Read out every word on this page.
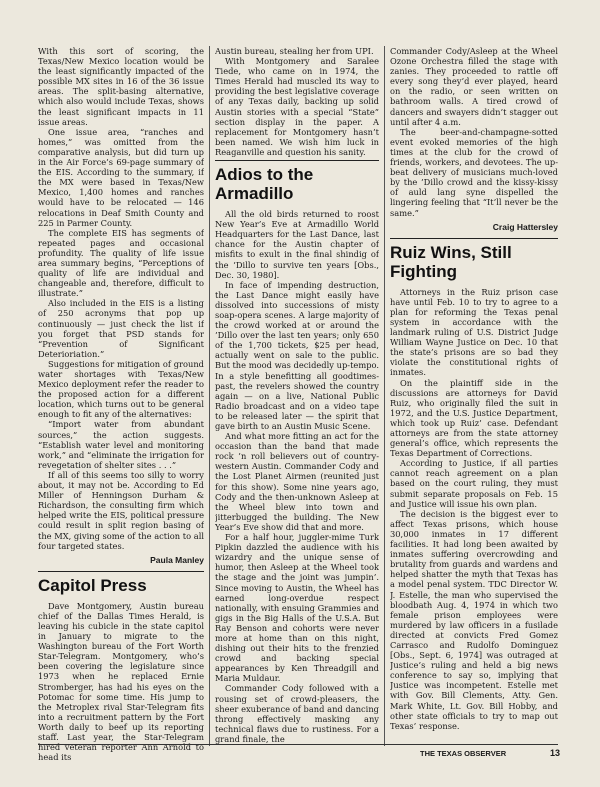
With this sort of scoring, the Texas/New Mexico location would be the least significantly impacted of the possible MX sites in 16 of the 36 issue areas. The split-basing alternative, which also would include Texas, shows the least significant impacts in 11 issue areas.

One issue area, “ranches and homes,” was omitted from the comparative analysis, but did turn up in the Air Force’s 69-page summary of the EIS. According to the summary, if the MX were based in Texas/New Mexico, 1,400 homes and ranches would have to be relocated — 146 relocations in Deaf Smith County and 225 in Parmer County.

The complete EIS has segments of repeated pages and occasional profundity. The quality of life issue area summary begins, “Perceptions of quality of life are individual and changeable and, therefore, difficult to illustrate.”

Also included in the EIS is a listing of 250 acronyms that pop up continuously — just check the list if you forget that PSD stands for “Prevention of Significant Deterioriation.”

Suggestions for mitigation of ground water shortages with Texas/New Mexico deployment refer the reader to the proposed action for a different location, which turns out to be general enough to fit any of the alternatives:

“Import water from abundant sources,” the action suggests. “Establish water level and monitoring work,” and “eliminate the irrigation for revegetation of shelter sites . . .”

If all of this seems too silly to worry about, it may not be. According to Ed Miller of Henningson Durham & Richardson, the consulting firm which helped write the EIS, political pressure could result in split region basing of the MX, giving some of the action to all four targeted states.

Paula Manley
Capitol Press

Dave Montgomery, Austin bureau chief of the Dallas Times Herald, is leaving his cubicle in the state capitol in January to migrate to the Washington bureau of the Fort Worth Star-Telegram. Montgomery, who’s been covering the legislature since 1973 when he replaced Ernie Stromberger, has had his eyes on the Potomac for some time. His jump to the Metroplex rival Star-Telegram fits into a recruitment pattern by the Fort Worth daily to beef up its reporting staff. Last year, the Star-Telegram hired veteran reporter Ann Arnold to head its

Austin bureau, stealing her from UPI.

With Montgomery and Saralee Tiede, who came on in 1974, the Times Herald had muscled its way to providing the best legislative coverage of any Texas daily, backing up solid Austin stories with a special “State” section display in the paper. A replacement for Montgomery hasn’t been named. We wish him luck in Reaganville and question his sanity.

Adios to the Armadillo

All the old birds returned to roost New Year’s Eve at Armadillo World Headquarters for the Last Dance, last chance for the Austin chapter of misfits to exult in the final shindig of the ’Dillo to survive ten years [Obs., Dec. 30, 1980].

In face of impending destruction, the Last Dance might easily have dissolved into successions of misty soap-opera scenes. A large majority of the crowd worked at or around the ’Dillo over the last ten years; only 650 of the 1,700 tickets, $25 per head, actually went on sale to the public. But the mood was decidedly up-tempo. In a style benefitting all goodtimes-past, the revelers showed the country again — on a live, National Public Radio broadcast and on a video tape to be released later — the spirit that gave birth to an Austin Music Scene.

And what more fitting an act for the occasion than the band that made rock ’n roll believers out of country-western Austin. Commander Cody and the Lost Planet Airmen (reunited just for this show). Some nine years ago, Cody and the then-unknown Asleep at the Wheel blew into town and jitterbugged the building. The New Year’s Eve show did that and more.

For a half hour, juggler-mime Turk Pipkin dazzled the audience with his wizardry and the unique sense of humor, then Asleep at the Wheel took the stage and the joint was jumpin’. Since moving to Austin, the Wheel has earned long-overdue respect nationally, with ensuing Grammies and gigs in the Big Halls of the U.S.A. But Ray Benson and cohorts were never more at home than on this night, dishing out their hits to the frenzied crowd and backing special appearances by Ken Threadgill and Maria Muldaur.

Commander Cody followed with a rousing set of crowd-pleasers, the sheer exuberance of band and dancing throng effectively masking any technical flaws due to rustiness. For a grand finale, the

Commander Cody/Asleep at the Wheel Ozone Orchestra filled the stage with zanies. They proceeded to rattle off every song they’d ever played, heard on the radio, or seen written on bathroom walls. A tired crowd of dancers and swayers didn’t stagger out until after 4 a.m.

The beer-and-champagne-sotted event evoked memories of the high times at the club for the crowd of friends, workers, and devotees. The up-beat delivery of musicians much-loved by the ’Dillo crowd and the kissy-kissy of auld lang syne dispelled the lingering feeling that “It’ll never be the same.”

Craig Hattersley
Ruiz Wins, Still Fighting

Attorneys in the Ruiz prison case have until Feb. 10 to try to agree to a plan for reforming the Texas penal system in accordance with the landmark ruling of U.S. District Judge William Wayne Justice on Dec. 10 that the state’s prisons are so bad they violate the constitutional rights of inmates.

On the plaintiff side in the discussions are attorneys for David Ruiz, who originally filed the suit in 1972, and the U.S. Justice Department, which took up Ruiz’ case. Defendant attorneys are from the state attorney general’s office, which represents the Texas Department of Corrections.

According to Justice, if all parties cannot reach agreement on a plan based on the court ruling, they must submit separate proposals on Feb. 15 and Justice will issue his own plan.

The decision is the biggest ever to affect Texas prisons, which house 30,000 inmates in 17 different facilities. It had long been awaited by inmates suffering overcrowding and brutality from guards and wardens and helped shatter the myth that Texas has a model penal system. TDC Director W. J. Estelle, the man who supervised the bloodbath Aug. 4, 1974 in which two female prison employees were murdered by law officers in a fusilade directed at convicts Fred Gomez Carrasco and Rudolfo Dominguez [Obs., Sept. 6, 1974] was outraged at Justice’s ruling and held a big news conference to say so, implying that Justice was incompetent. Estelle met with Gov. Bill Clements, Atty. Gen. Mark White, Lt. Gov. Bill Hobby, and other state officials to try to map out Texas’ response.

THE TEXAS OBSERVER	13
